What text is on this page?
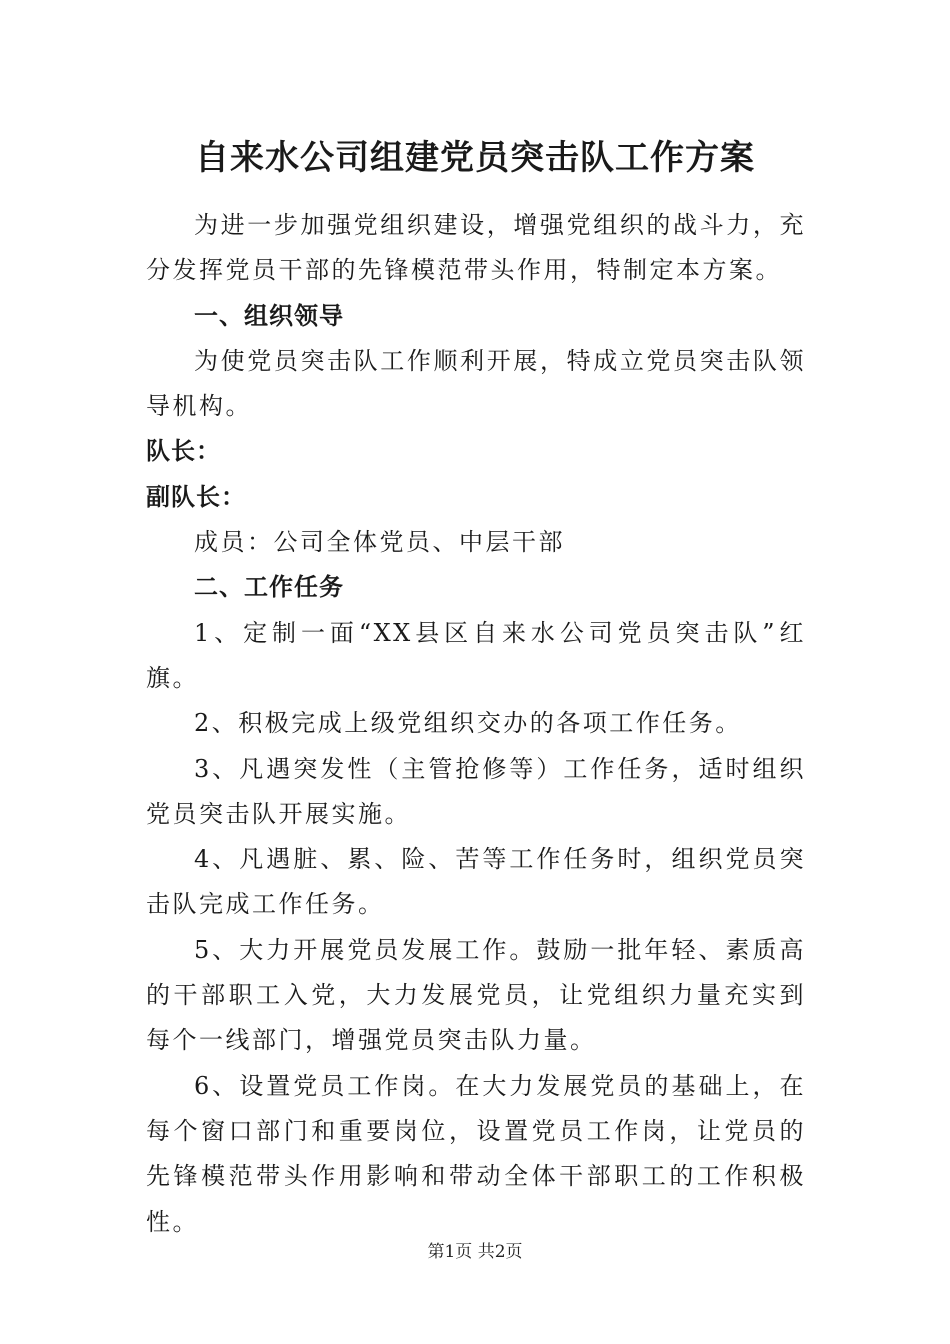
自来水公司组建党员突击队工作方案

为进一步加强党组织建设，增强党组织的战斗力，充分发挥党员干部的先锋模范带头作用，特制定本方案。

一、组织领导

为使党员突击队工作顺利开展，特成立党员突击队领导机构。

队长：

副队长：

成员：公司全体党员、中层干部

二、工作任务

1、定制一面“XX县区自来水公司党员突击队”红旗。

2、积极完成上级党组织交办的各项工作任务。

3、凡遇突发性（主管抢修等）工作任务，适时组织党员突击队开展实施。

4、凡遇脏、累、险、苦等工作任务时，组织党员突击队完成工作任务。

5、大力开展党员发展工作。鼓励一批年轻、素质高的干部职工入党，大力发展党员，让党组织力量充实到每个一线部门，增强党员突击队力量。

6、设置党员工作岗。在大力发展党员的基础上，在每个窗口部门和重要岗位，设置党员工作岗，让党员的先锋模范带头作用影响和带动全体干部职工的工作积极性。

第1页 共2页
